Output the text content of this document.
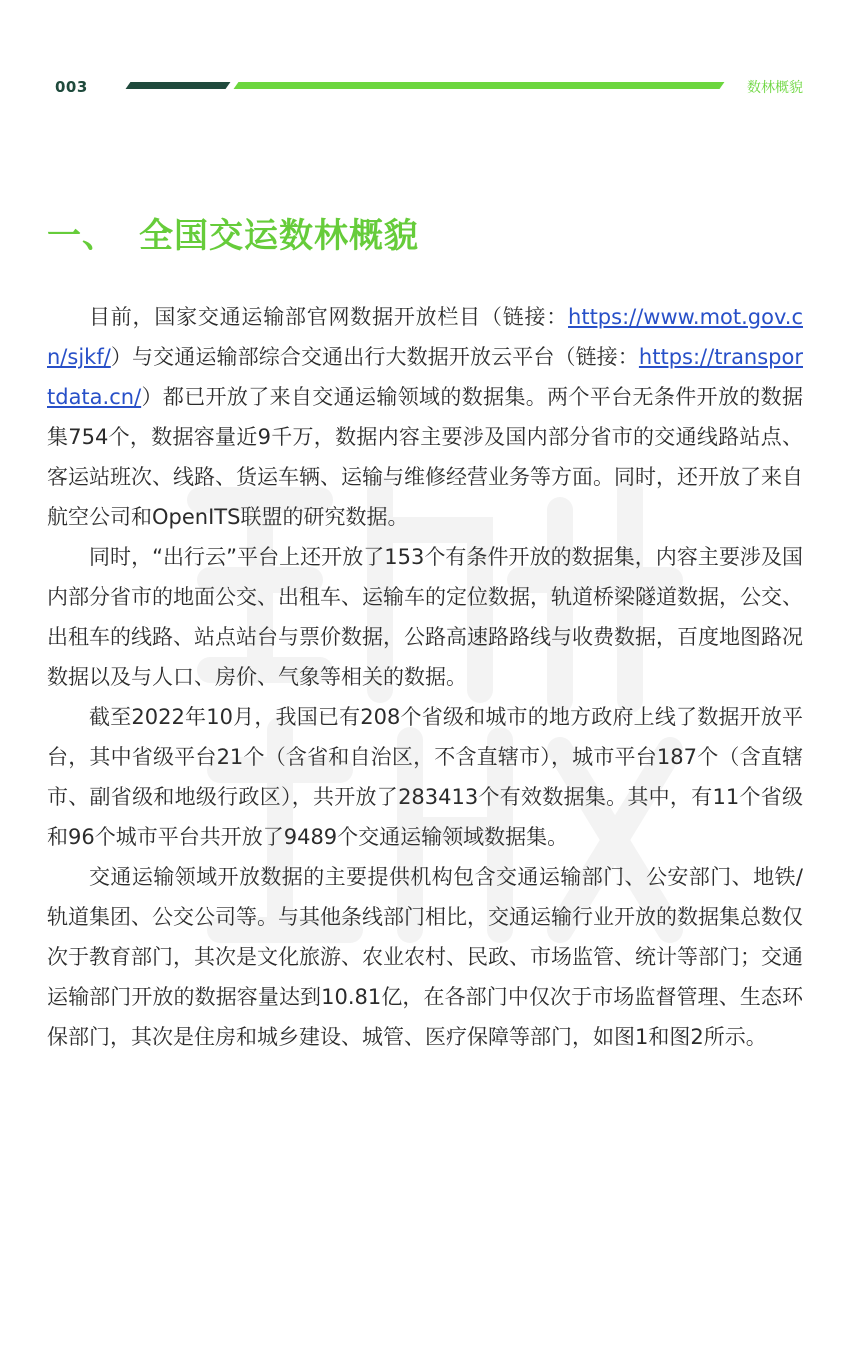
003	数林概貌
一、 全国交运数林概貌

目前，国家交通运输部官网数据开放栏目（链接：https://www.mot.gov.cn/sjkf/）与交通运输部综合交通出行大数据开放云平台（链接：https://transportdata.cn/）都已开放了来自交通运输领域的数据集。两个平台无条件开放的数据集754个，数据容量近9千万，数据内容主要涉及国内部分省市的交通线路站点、客运站班次、线路、货运车辆、运输与维修经营业务等方面。同时，还开放了来自航空公司和OpenITS联盟的研究数据。

同时，“出行云”平台上还开放了153个有条件开放的数据集，内容主要涉及国内部分省市的地面公交、出租车、运输车的定位数据，轨道桥梁隧道数据，公交、出租车的线路、站点站台与票价数据，公路高速路路线与收费数据，百度地图路况数据以及与人口、房价、气象等相关的数据。

截至2022年10月，我国已有208个省级和城市的地方政府上线了数据开放平台，其中省级平台21个（含省和自治区，不含直辖市），城市平台187个（含直辖市、副省级和地级行政区），共开放了283413个有效数据集。其中，有11个省级和96个城市平台共开放了9489个交通运输领域数据集。

交通运输领域开放数据的主要提供机构包含交通运输部门、公安部门、地铁/轨道集团、公交公司等。与其他条线部门相比，交通运输行业开放的数据集总数仅次于教育部门，其次是文化旅游、农业农村、民政、市场监管、统计等部门；交通运输部门开放的数据容量达到10.81亿，在各部门中仅次于市场监督管理、生态环保部门，其次是住房和城乡建设、城管、医疗保障等部门，如图1和图2所示。
